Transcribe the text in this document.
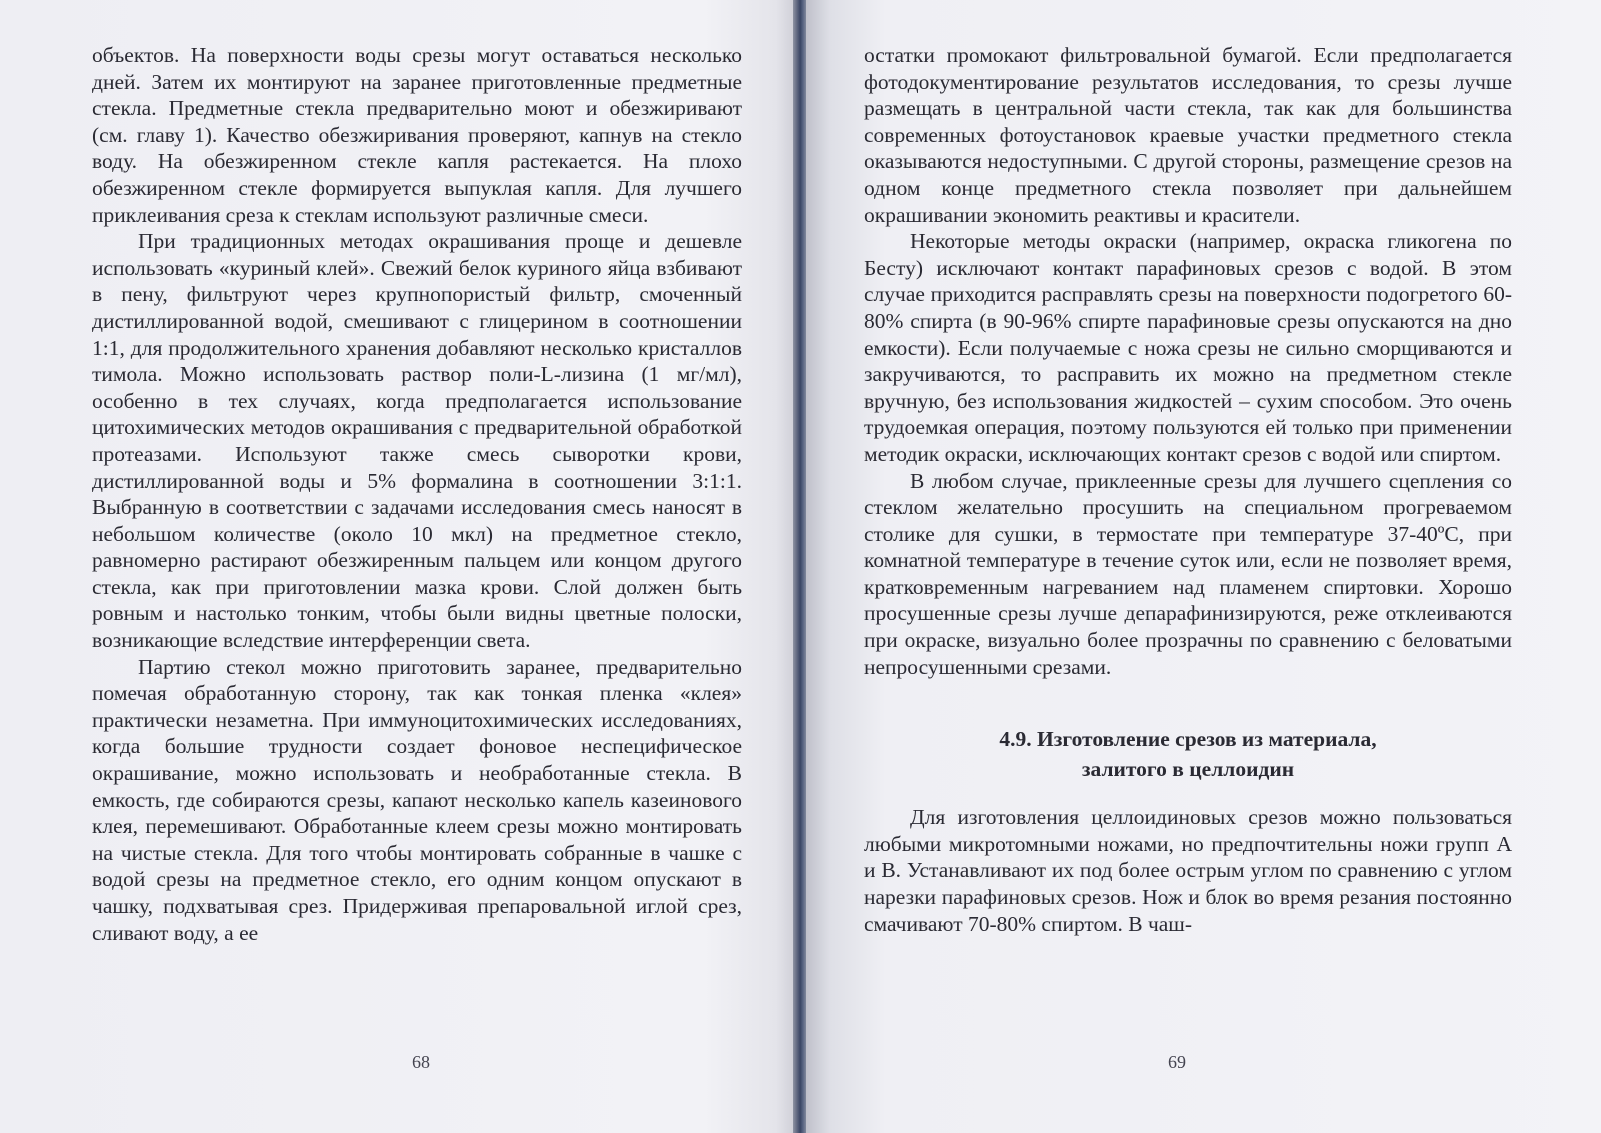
объектов. На поверхности воды срезы могут оставаться несколько дней. Затем их монтируют на заранее приготовленные предметные стекла. Предметные стекла предварительно моют и обезжиривают (см. главу 1). Качество обезжиривания проверяют, капнув на стекло воду. На обезжиренном стекле капля растекается. На плохо обезжиренном стекле формируется выпуклая капля. Для лучшего приклеивания среза к стеклам используют различные смеси.

При традиционных методах окрашивания проще и дешевле использовать «куриный клей». Свежий белок куриного яйца взбивают в пену, фильтруют через крупнопористый фильтр, смоченный дистиллированной водой, смешивают с глицерином в соотношении 1:1, для продолжительного хранения добавляют несколько кристаллов тимола. Можно использовать раствор поли-L-лизина (1 мг/мл), особенно в тех случаях, когда предполагается использование цитохимических методов окрашивания с предварительной обработкой протеазами. Используют также смесь сыворотки крови, дистиллированной воды и 5% формалина в соотношении 3:1:1. Выбранную в соответствии с задачами исследования смесь наносят в небольшом количестве (около 10 мкл) на предметное стекло, равномерно растирают обезжиренным пальцем или концом другого стекла, как при приготовлении мазка крови. Слой должен быть ровным и настолько тонким, чтобы были видны цветные полоски, возникающие вследствие интерференции света.

Партию стекол можно приготовить заранее, предварительно помечая обработанную сторону, так как тонкая пленка «клея» практически незаметна. При иммуноцитохимических исследованиях, когда большие трудности создает фоновое неспецифическое окрашивание, можно использовать и необработанные стекла. В емкость, где собираются срезы, капают несколько капель казеинового клея, перемешивают. Обработанные клеем срезы можно монтировать на чистые стекла. Для того чтобы монтировать собранные в чашке с водой срезы на предметное стекло, его одним концом опускают в чашку, подхватывая срез. Придерживая препаровальной иглой срез, сливают воду, а ее

68

остатки промокают фильтровальной бумагой. Если предполагается фотодокументирование результатов исследования, то срезы лучше размещать в центральной части стекла, так как для большинства современных фотоустановок краевые участки предметного стекла оказываются недоступными. С другой стороны, размещение срезов на одном конце предметного стекла позволяет при дальнейшем окрашивании экономить реактивы и красители.

Некоторые методы окраски (например, окраска гликогена по Бесту) исключают контакт парафиновых срезов с водой. В этом случае приходится расправлять срезы на поверхности подогретого 60-80% спирта (в 90-96% спирте парафиновые срезы опускаются на дно емкости). Если получаемые с ножа срезы не сильно сморщиваются и закручиваются, то расправить их можно на предметном стекле вручную, без использования жидкостей – сухим способом. Это очень трудоемкая операция, поэтому пользуются ей только при применении методик окраски, исключающих контакт срезов с водой или спиртом.

В любом случае, приклеенные срезы для лучшего сцепления со стеклом желательно просушить на специальном прогреваемом столике для сушки, в термостате при температуре 37-40ºС, при комнатной температуре в течение суток или, если не позволяет время, кратковременным нагреванием над пламенем спиртовки. Хорошо просушенные срезы лучше депарафинизируются, реже отклеиваются при окраске, визуально более прозрачны по сравнению с беловатыми непросушенными срезами.

4.9. Изготовление срезов из материала,
залитого в целлоидин

Для изготовления целлоидиновых срезов можно пользоваться любыми микротомными ножами, но предпочтительны ножи групп А и В. Устанавливают их под более острым углом по сравнению с углом нарезки парафиновых срезов. Нож и блок во время резания постоянно смачивают 70-80% спиртом. В чаш-

69
